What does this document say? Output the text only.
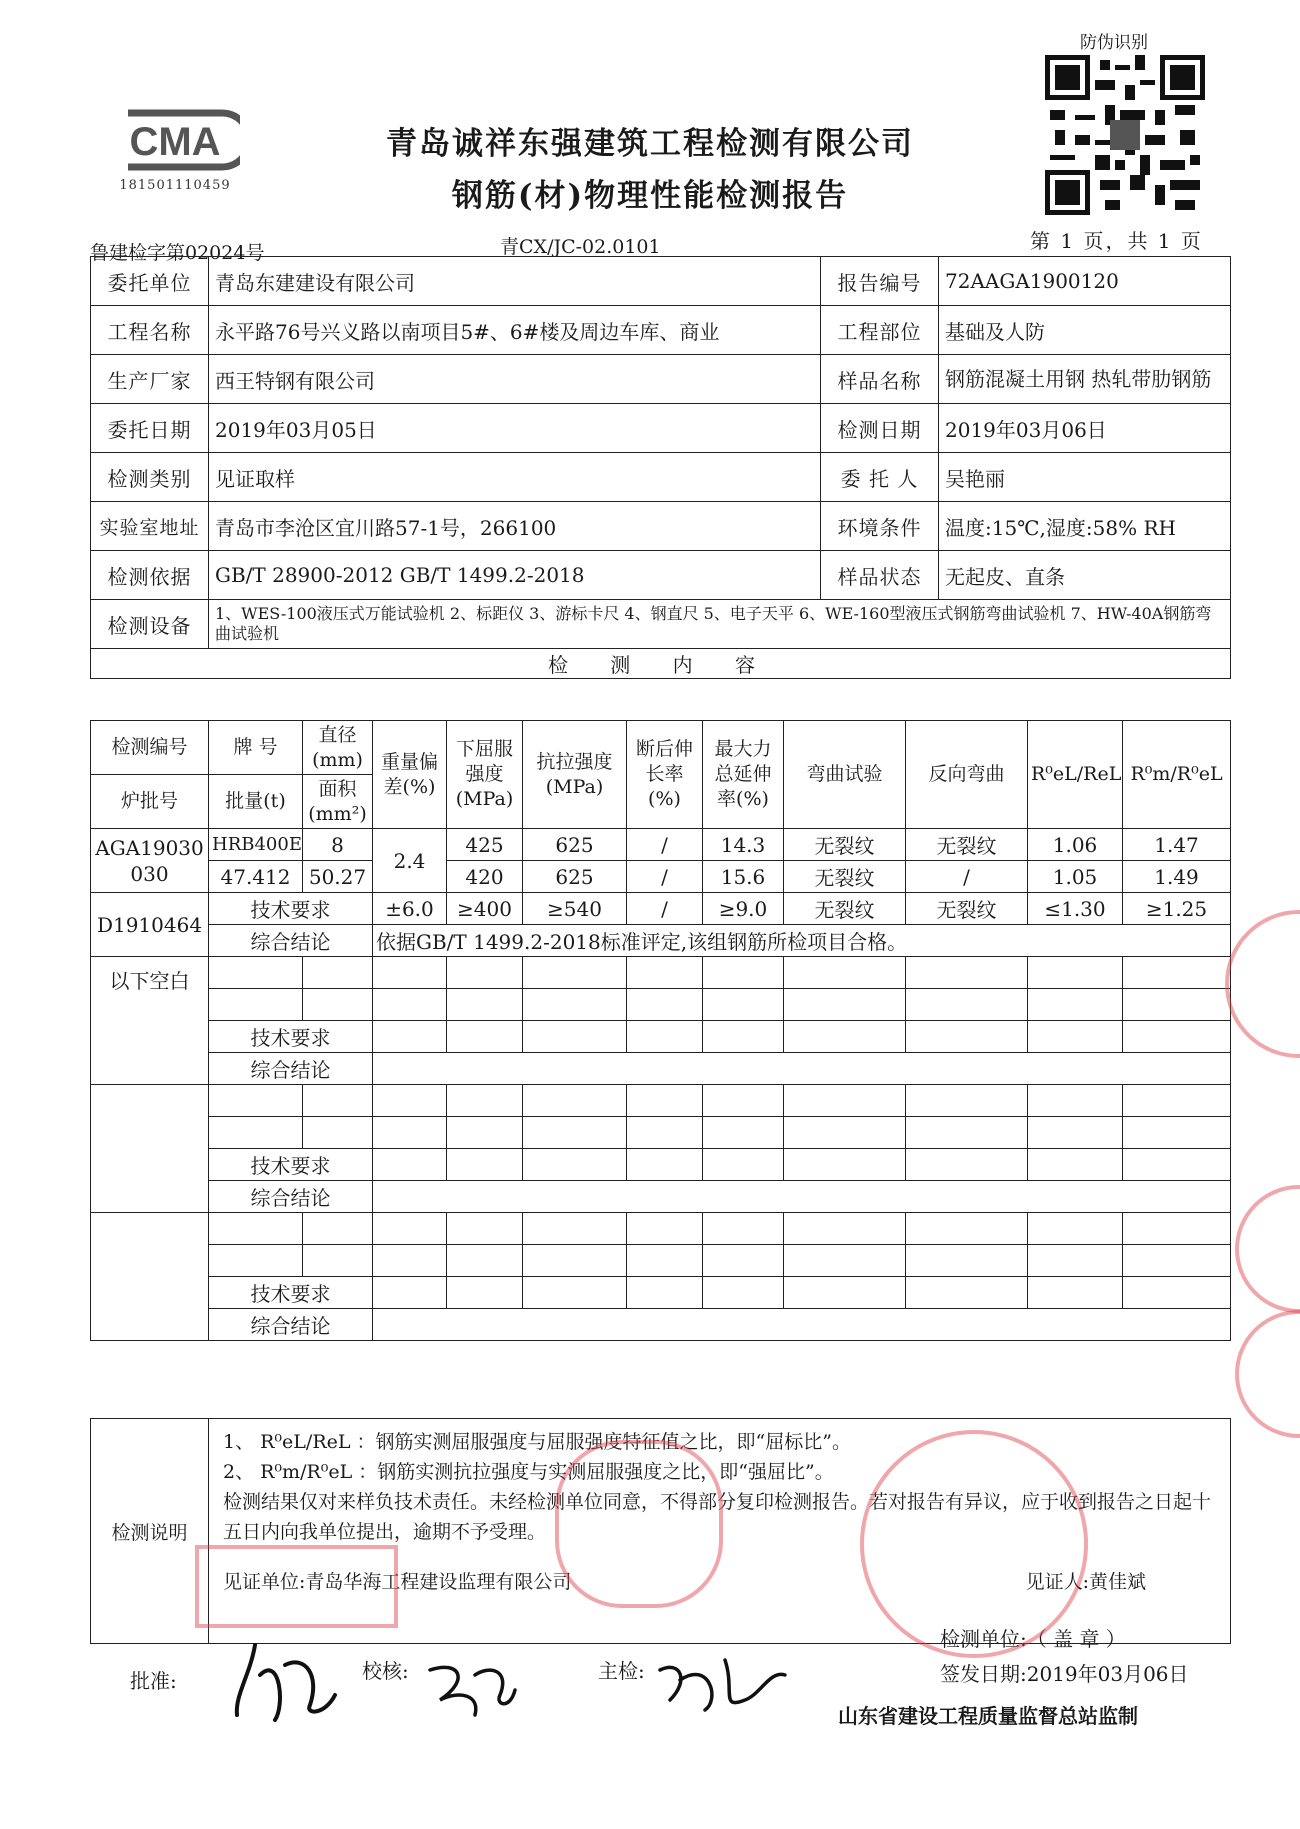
CMA
181501110459
青岛诚祥东强建筑工程检测有限公司
钢筋(材)物理性能检测报告
防伪识别
鲁建检字第02024号	青CX/JC-02.0101	第 1 页，共 1 页
委托单位	青岛东建建设有限公司	报告编号	72AAGA1900120
工程名称	永平路76号兴义路以南项目5#、6#楼及周边车库、商业	工程部位	基础及人防
生产厂家	西王特钢有限公司	样品名称	钢筋混凝土用钢 热轧带肋钢筋
委托日期	2019年03月05日	检测日期	2019年03月06日
检测类别	见证取样	委 托 人	吴艳丽
实验室地址	青岛市李沧区宜川路57-1号，266100	环境条件	温度:15℃,湿度:58% RH
检测依据	GB/T 28900-2012 GB/T 1499.2-2018	样品状态	无起皮、直条
检测设备	1、WES-100液压式万能试验机 2、标距仪 3、游标卡尺 4、钢直尺 5、电子天平 6、WE-160型液压式钢筋弯曲试验机 7、HW-40A钢筋弯曲试验机		
检 测 内 容			
检测编号	牌 号	直径(mm)	重量偏差(%)	下屈服强度(MPa)	抗拉强度(MPa)	断后伸长率(%)	最大力总延伸率(%)	弯曲试验	反向弯曲	R⁰eL/ReL	R⁰m/R⁰eL
炉批号	批量(t)	面积(mm²)									
AGA19030030	HRB400E	8	2.4	425	625	/	14.3	无裂纹	无裂纹	1.06	1.47
	47.412	50.27		420	625	/	15.6	无裂纹	/	1.05	1.49
D1910464	技术要求		±6.0	≥400	≥540	/	≥9.0	无裂纹	无裂纹	≤1.30	≥1.25
	综合结论		依据GB/T 1499.2-2018标准评定,该组钢筋所检项目合格。								
以下空白											

	技术要求										
	综合结论										

	技术要求										
	综合结论										

	技术要求										
	综合结论										
检测说明	
1、 R⁰eL/ReL ：钢筋实测屈服强度与屈服强度特征值之比，即“屈标比”。
2、 R⁰m/R⁰eL ：钢筋实测抗拉强度与实测屈服强度之比，即“强屈比”。
检测结果仅对来样负技术责任。未经检测单位同意，不得部分复印检测报告。若对报告有异议，应于收到报告之日起十五日内向我单位提出，逾期不予受理。
见证单位:青岛华海工程建设监理有限公司	见证人:黄佳斌
检测单位:（ 盖 章 ）
签发日期:2019年03月06日
批准:	校核:	主检:
山东省建设工程质量监督总站监制
